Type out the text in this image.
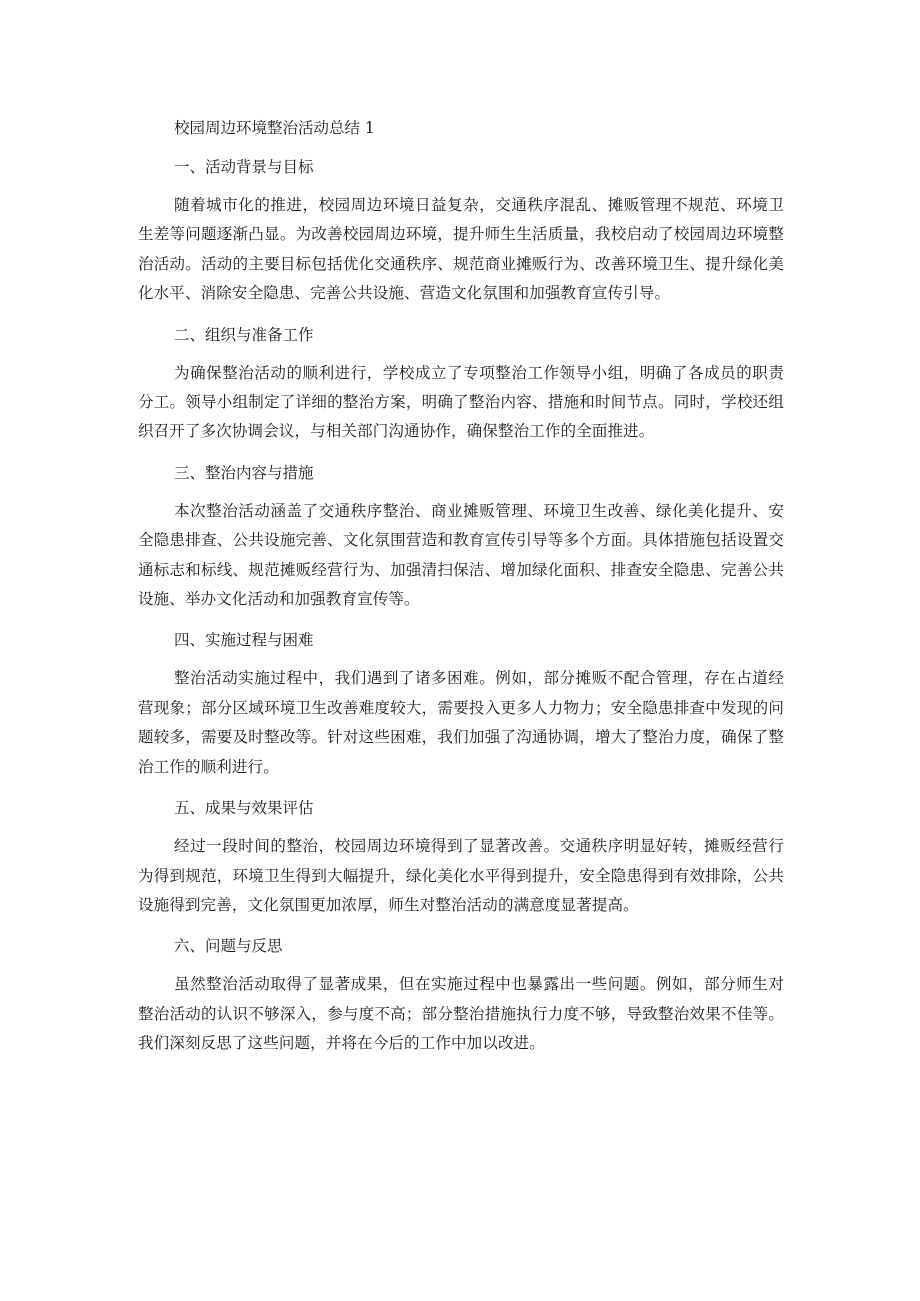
校园周边环境整治活动总结 1

一、活动背景与目标

随着城市化的推进，校园周边环境日益复杂，交通秩序混乱、摊贩管理不规范、环境卫生差等问题逐渐凸显。为改善校园周边环境，提升师生生活质量，我校启动了校园周边环境整治活动。活动的主要目标包括优化交通秩序、规范商业摊贩行为、改善环境卫生、提升绿化美化水平、消除安全隐患、完善公共设施、营造文化氛围和加强教育宣传引导。

二、组织与准备工作

为确保整治活动的顺利进行，学校成立了专项整治工作领导小组，明确了各成员的职责分工。领导小组制定了详细的整治方案，明确了整治内容、措施和时间节点。同时，学校还组织召开了多次协调会议，与相关部门沟通协作，确保整治工作的全面推进。

三、整治内容与措施

本次整治活动涵盖了交通秩序整治、商业摊贩管理、环境卫生改善、绿化美化提升、安全隐患排查、公共设施完善、文化氛围营造和教育宣传引导等多个方面。具体措施包括设置交通标志和标线、规范摊贩经营行为、加强清扫保洁、增加绿化面积、排查安全隐患、完善公共设施、举办文化活动和加强教育宣传等。

四、实施过程与困难

整治活动实施过程中，我们遇到了诸多困难。例如，部分摊贩不配合管理，存在占道经营现象；部分区域环境卫生改善难度较大，需要投入更多人力物力；安全隐患排查中发现的问题较多，需要及时整改等。针对这些困难，我们加强了沟通协调，增大了整治力度，确保了整治工作的顺利进行。

五、成果与效果评估

经过一段时间的整治，校园周边环境得到了显著改善。交通秩序明显好转，摊贩经营行为得到规范，环境卫生得到大幅提升，绿化美化水平得到提升，安全隐患得到有效排除，公共设施得到完善，文化氛围更加浓厚，师生对整治活动的满意度显著提高。

六、问题与反思

虽然整治活动取得了显著成果，但在实施过程中也暴露出一些问题。例如，部分师生对整治活动的认识不够深入，参与度不高；部分整治措施执行力度不够，导致整治效果不佳等。我们深刻反思了这些问题，并将在今后的工作中加以改进。
